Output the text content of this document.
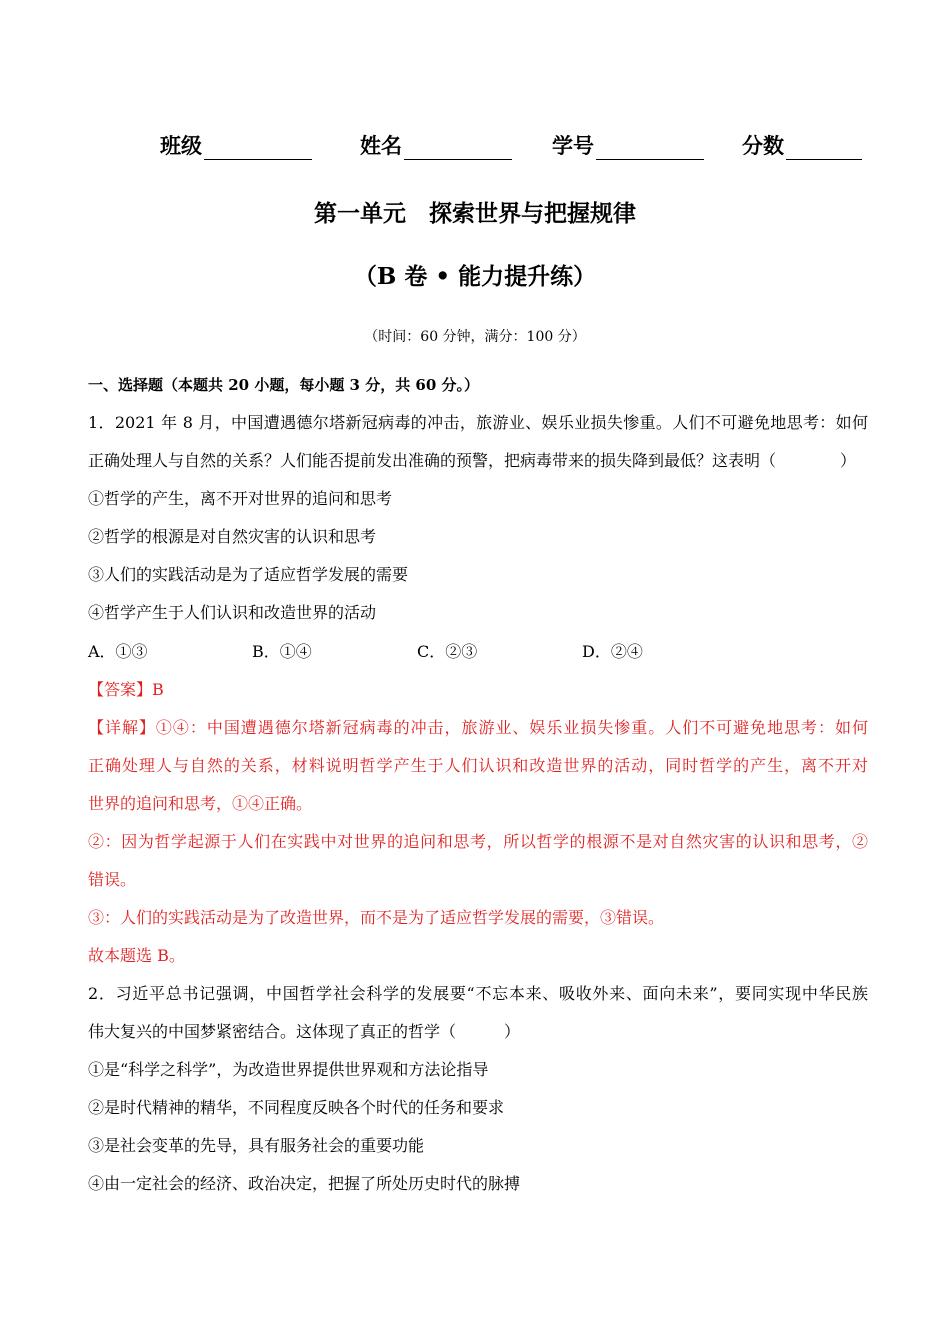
班级	姓名	学号	分数
第一单元　探索世界与把握规律
（B 卷 • 能力提升练）
（时间：60 分钟，满分：100 分）
一、选择题（本题共 20 小题，每小题 3 分，共 60 分。）
1．2021 年 8 月，中国遭遇德尔塔新冠病毒的冲击，旅游业、娱乐业损失惨重。人们不可避免地思考：如何
正确处理人与自然的关系？人们能否提前发出准确的预警，把病毒带来的损失降到最低？这表明（　　　　）
①哲学的产生，离不开对世界的追问和思考
②哲学的根源是对自然灾害的认识和思考
③人们的实践活动是为了适应哲学发展的需要
④哲学产生于人们认识和改造世界的活动
A．①③	B．①④	C．②③	D．②④
【答案】B
【详解】①④：中国遭遇德尔塔新冠病毒的冲击，旅游业、娱乐业损失惨重。人们不可避免地思考：如何
正确处理人与自然的关系，材料说明哲学产生于人们认识和改造世界的活动，同时哲学的产生，离不开对
世界的追问和思考，①④正确。
②：因为哲学起源于人们在实践中对世界的追问和思考，所以哲学的根源不是对自然灾害的认识和思考，②
错误。
③：人们的实践活动是为了改造世界，而不是为了适应哲学发展的需要，③错误。
故本题选 B。
2．习近平总书记强调，中国哲学社会科学的发展要“不忘本来、吸收外来、面向未来”，要同实现中华民族
伟大复兴的中国梦紧密结合。这体现了真正的哲学（　　　）
①是“科学之科学”，为改造世界提供世界观和方法论指导
②是时代精神的精华，不同程度反映各个时代的任务和要求
③是社会变革的先导，具有服务社会的重要功能
④由一定社会的经济、政治决定，把握了所处历史时代的脉搏
